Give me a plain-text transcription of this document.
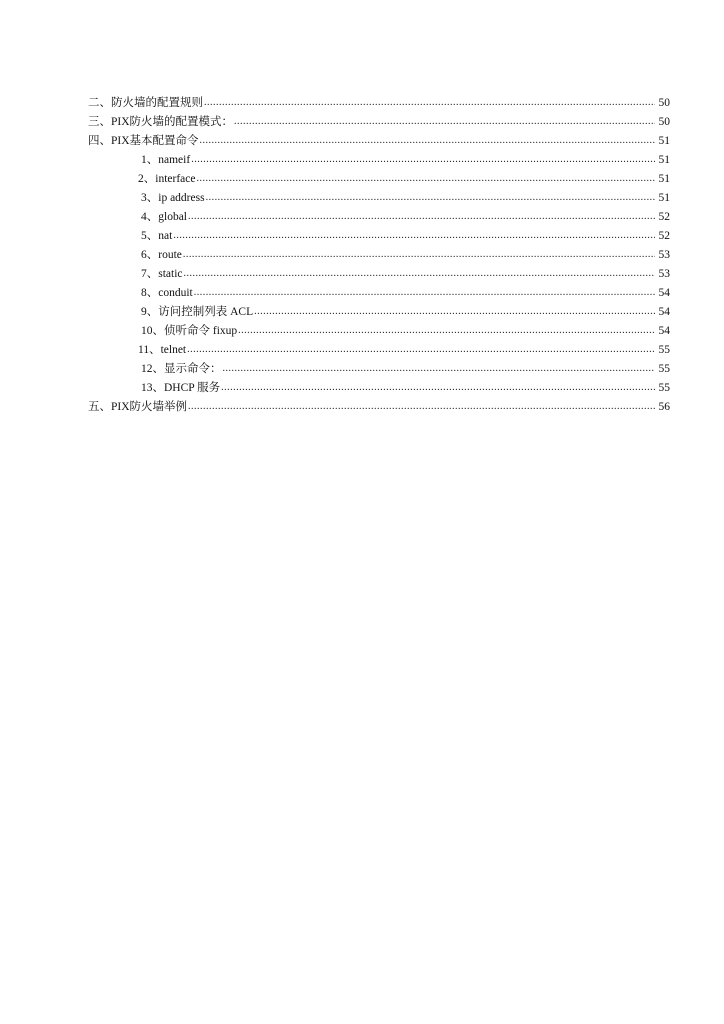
二、防火墙的配置规则 .....	50
三、PIX防火墙的配置模式： .....	50
四、PIX基本配置命令 .....	51
1、nameif .....	51
2、interface .....	51
3、ip address .....	51
4、global .....	52
5、nat .....	52
6、route .....	53
7、static .....	53
8、conduit .....	54
9、访问控制列表 ACL .....	54
10、侦听命令 fixup .....	54
11、telnet .....	55
12、显示命令： .....	55
13、DHCP 服务 .....	55
五、PIX防火墙举例 .....	56
